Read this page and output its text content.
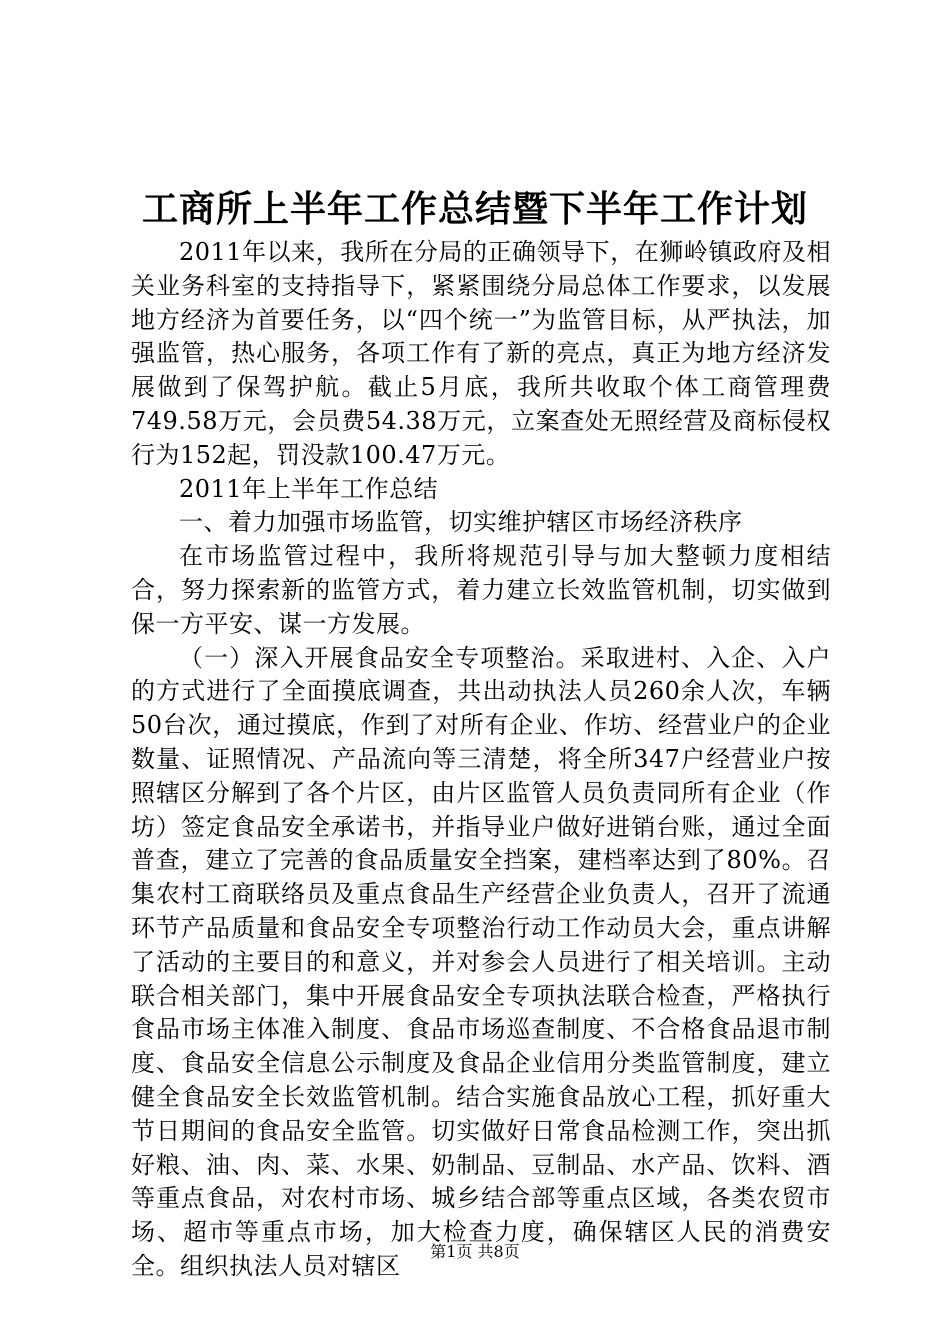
工商所上半年工作总结暨下半年工作计划

2011年以来，我所在分局的正确领导下，在狮岭镇政府及相关业务科室的支持指导下，紧紧围绕分局总体工作要求，以发展地方经济为首要任务，以“四个统一”为监管目标，从严执法，加强监管，热心服务，各项工作有了新的亮点，真正为地方经济发展做到了保驾护航。截止5月底，我所共收取个体工商管理费749.58万元，会员费54.38万元，立案查处无照经营及商标侵权行为152起，罚没款100.47万元。

2011年上半年工作总结

一、着力加强市场监管，切实维护辖区市场经济秩序

在市场监管过程中，我所将规范引导与加大整顿力度相结合，努力探索新的监管方式，着力建立长效监管机制，切实做到保一方平安、谋一方发展。

（一）深入开展食品安全专项整治。采取进村、入企、入户的方式进行了全面摸底调查，共出动执法人员260余人次，车辆50台次，通过摸底，作到了对所有企业、作坊、经营业户的企业数量、证照情况、产品流向等三清楚，将全所347户经营业户按照辖区分解到了各个片区，由片区监管人员负责同所有企业（作坊）签定食品安全承诺书，并指导业户做好进销台账，通过全面普查，建立了完善的食品质量安全挡案，建档率达到了80%。召集农村工商联络员及重点食品生产经营企业负责人，召开了流通环节产品质量和食品安全专项整治行动工作动员大会，重点讲解了活动的主要目的和意义，并对参会人员进行了相关培训。主动联合相关部门，集中开展食品安全专项执法联合检查，严格执行食品市场主体准入制度、食品市场巡查制度、不合格食品退市制度、食品安全信息公示制度及食品企业信用分类监管制度，建立健全食品安全长效监管机制。结合实施食品放心工程，抓好重大节日期间的食品安全监管。切实做好日常食品检测工作，突出抓好粮、油、肉、菜、水果、奶制品、豆制品、水产品、饮料、酒等重点食品，对农村市场、城乡结合部等重点区域，各类农贸市场、超市等重点市场，加大检查力度，确保辖区人民的消费安全。组织执法人员对辖区

第1页 共8页
